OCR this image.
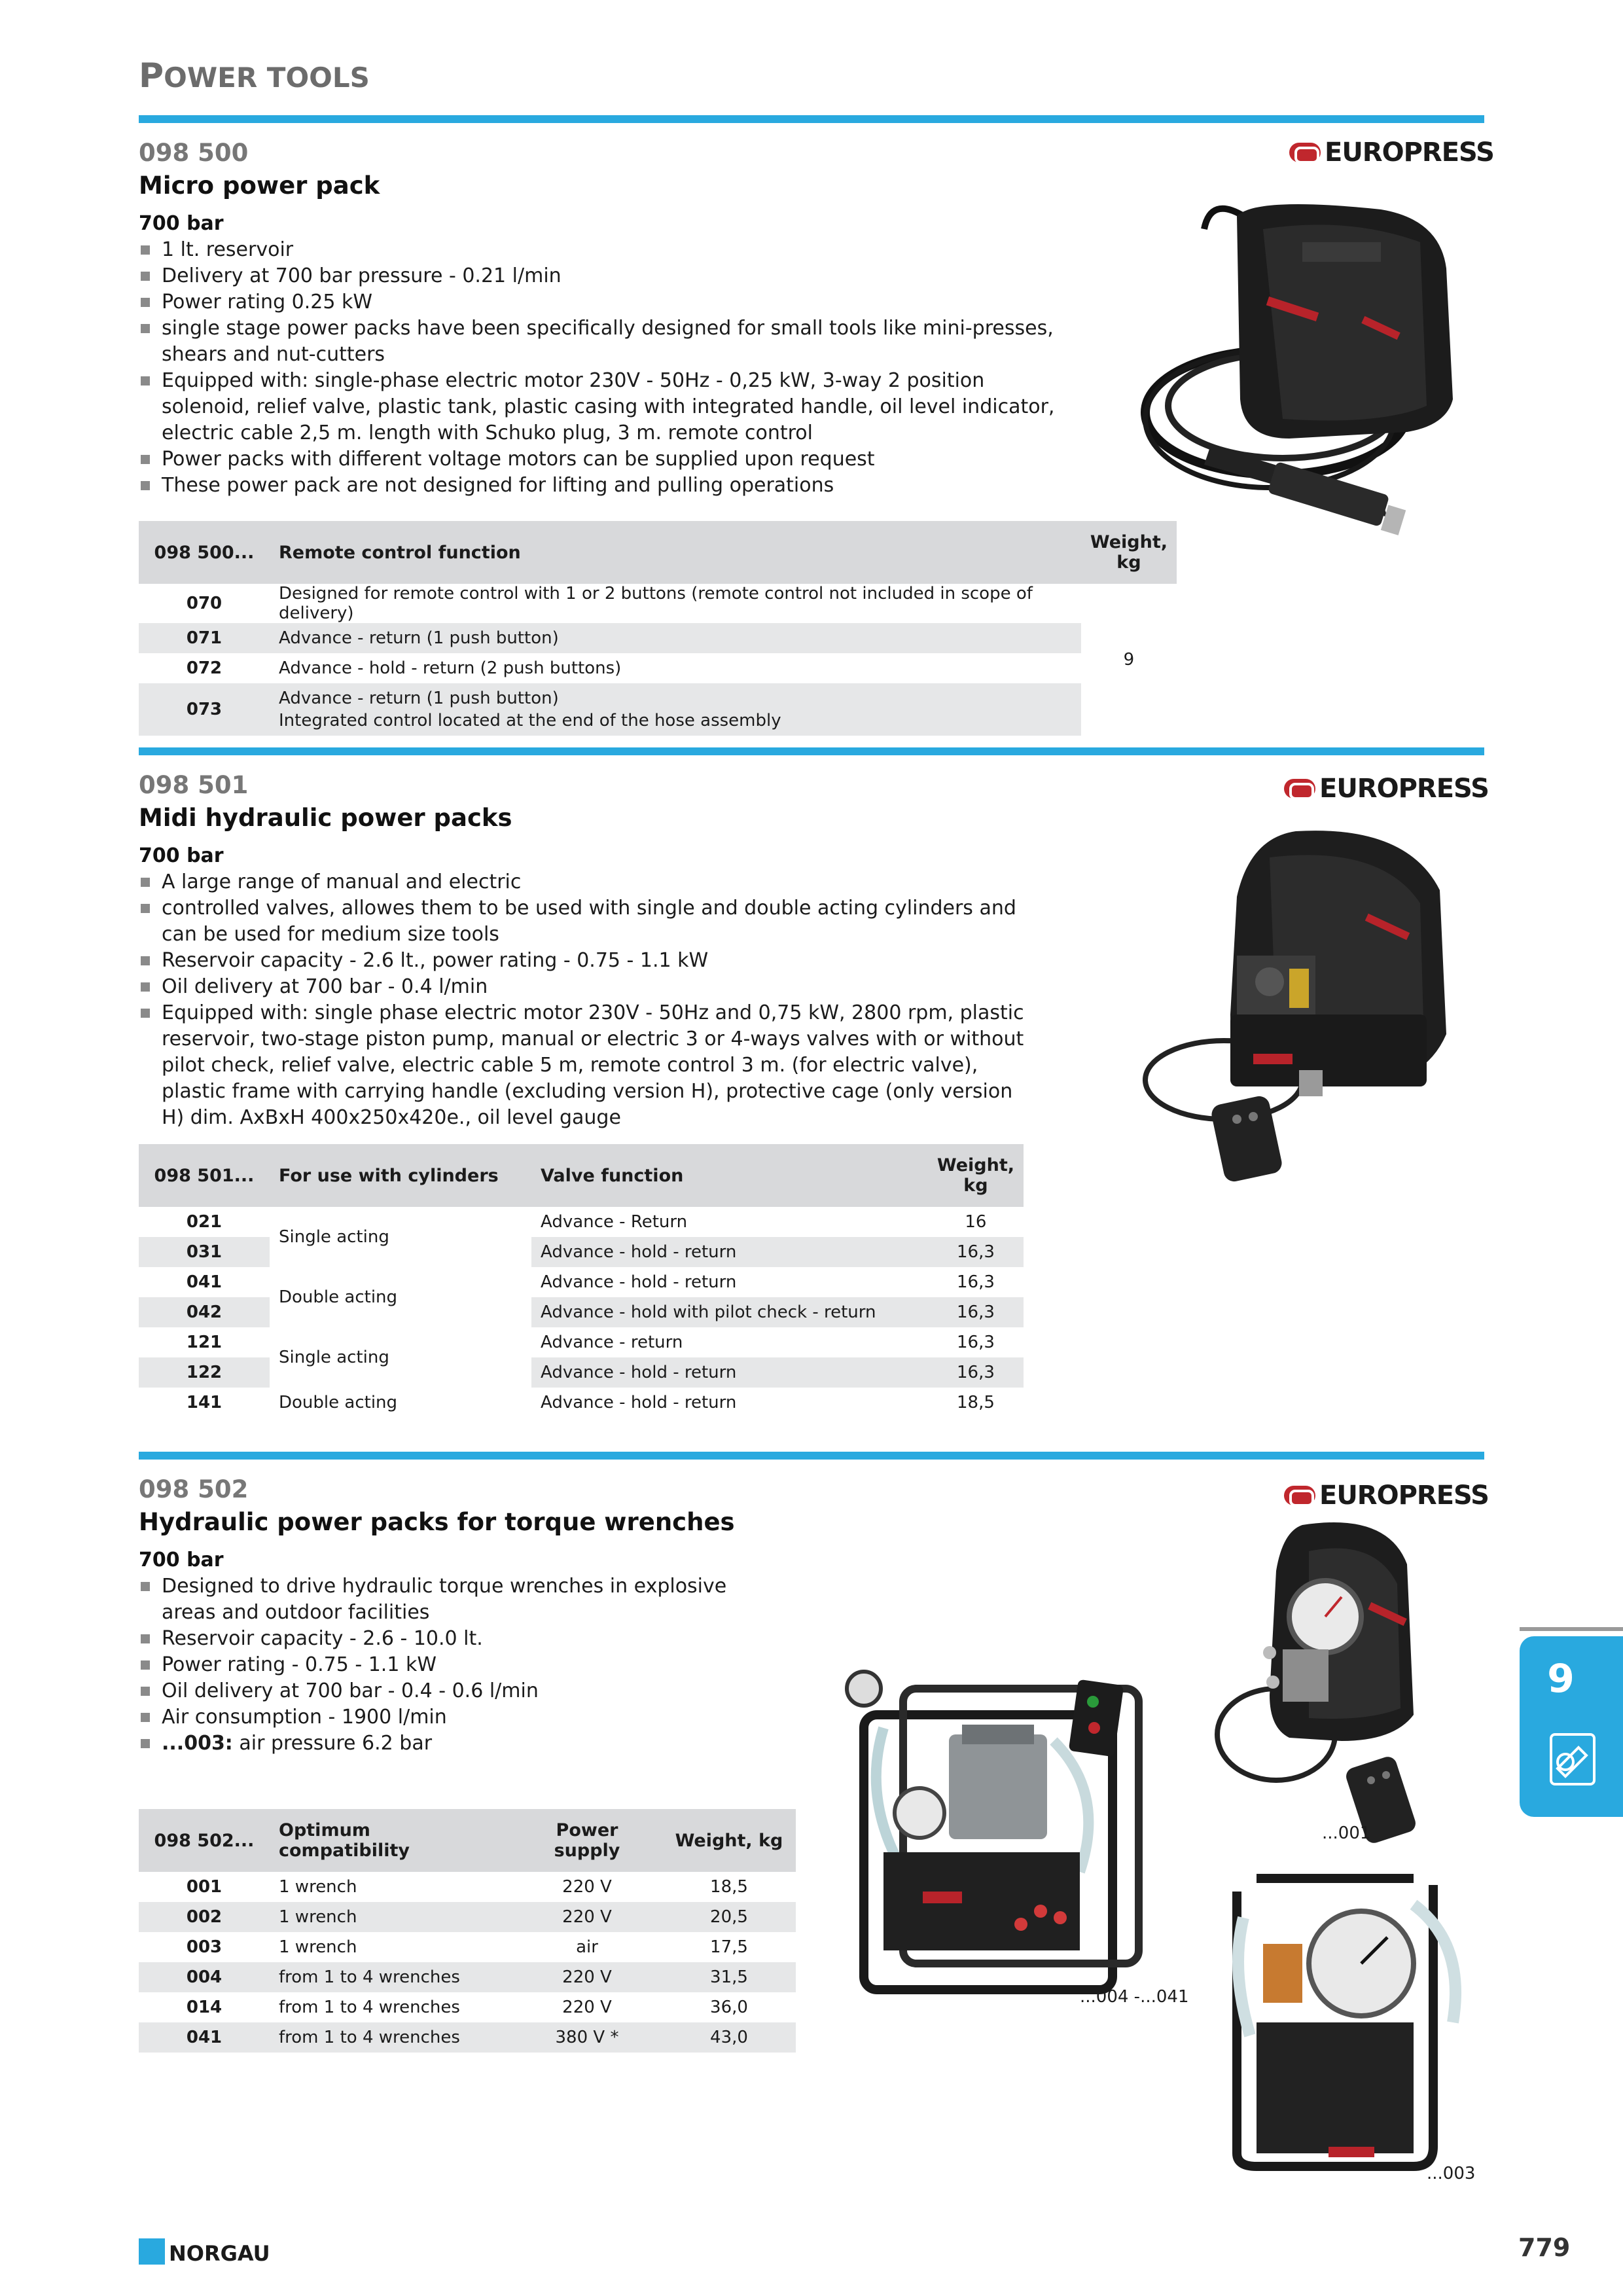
POWER TOOLS
EUROPRESS
098 500
Micro power pack
700 bar
1 lt. reservoir
Delivery at 700 bar pressure - 0.21 l/min
Power rating 0.25 kW
single stage power packs have been specifically designed for small tools like mini-presses, shears and nut-cutters
Equipped with: single-phase electric motor 230V - 50Hz - 0,25 kW, 3-way 2 position solenoid, relief valve, plastic tank, plastic casing with integrated handle, oil level indicator, electric cable 2,5 m. length with Schuko plug, 3 m. remote control
Power packs with different voltage motors can be supplied upon request
These power pack are not designed for lifting and pulling operations
098 500...	Remote control function	Weight, kg
070	Designed for remote control with 1 or 2 buttons (remote control not included in scope of delivery)	9
071	Advance - return (1 push button)	
072	Advance - hold - return (2 push buttons)	
073	Advance - return (1 push button)
Integrated control located at the end of the hose assembly	
EUROPRESS
098 501
Midi hydraulic power packs
700 bar
A large range of manual and electric
controlled valves, allowes them to be used with single and double acting cylinders and can be used for medium size tools
Reservoir capacity - 2.6 lt., power rating - 0.75 - 1.1 kW
Oil delivery at 700 bar - 0.4 l/min
Equipped with: single phase electric motor 230V - 50Hz and 0,75 kW, 2800 rpm, plastic reservoir, two-stage piston pump, manual or electric 3 or 4-ways valves with or without pilot check, relief valve, electric cable 5 m, remote control 3 m. (for electric valve), plastic frame with carrying handle (excluding version H), protective cage (only version H) dim. AxBxH 400x250x420e., oil level gauge
098 501...	For use with cylinders	Valve function	Weight, kg
021	Single acting	Advance - Return	16
031		Advance - hold - return	16,3
041	Double acting	Advance - hold - return	16,3
042		Advance - hold with pilot check - return	16,3
121	Single acting	Advance - return	16,3
122		Advance - hold - return	16,3
141	Double acting	Advance - hold - return	18,5
EUROPRESS
098 502
Hydraulic power packs for torque wrenches
700 bar
Designed to drive hydraulic torque wrenches in explosive areas and outdoor facilities
Reservoir capacity - 2.6 - 10.0 lt.
Power rating - 0.75 - 1.1 kW
Oil delivery at 700 bar - 0.4 - 0.6 l/min
Air consumption - 1900 l/min
...003: air pressure 6.2 bar
098 502...	Optimum compatibility	Power supply	Weight, kg
001	1 wrench	220 V	18,5
002	1 wrench	220 V	20,5
003	1 wrench	air	17,5
004	from 1 to 4 wrenches	220 V	31,5
014	from 1 to 4 wrenches	220 V	36,0
041	from 1 to 4 wrenches	380 V *	43,0
...004 -...041
...001
...003
9
NORGAU	779
